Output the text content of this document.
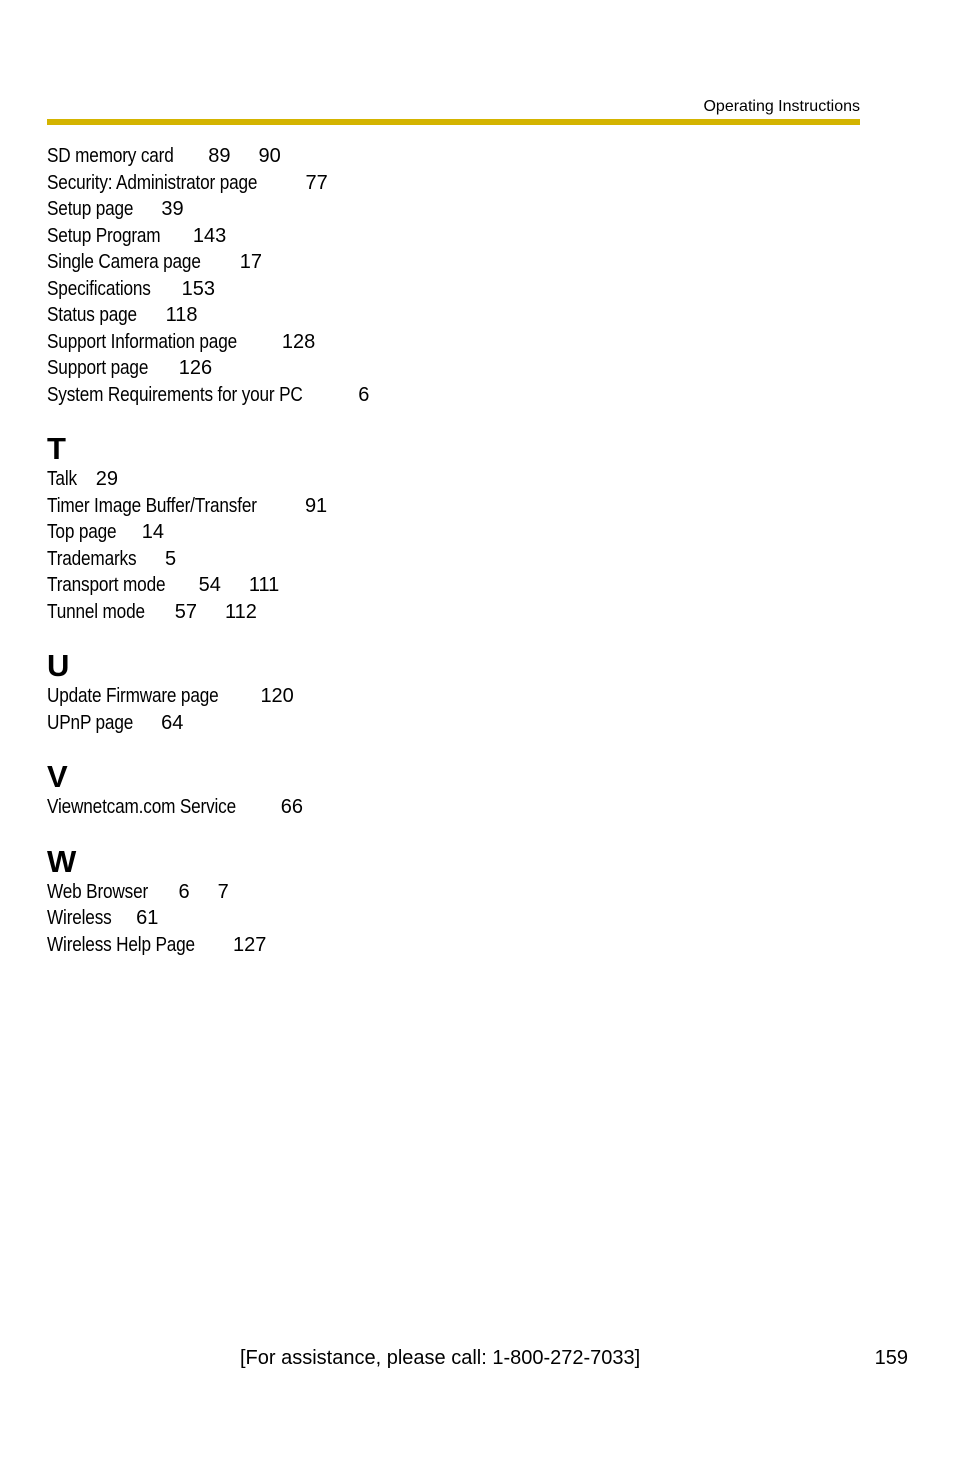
Operating Instructions
SD memory card 89 90
Security: Administrator page 77
Setup page 39
Setup Program 143
Single Camera page 17
Specifications 153
Status page 118
Support Information page 128
Support page 126
System Requirements for your PC	6
T
Talk 29
Timer Image Buffer/Transfer 91
Top page 14
Trademarks 5
Transport mode 54 111
Tunnel mode 57 112
U
Update Firmware page 120
UPnP page 64
V
Viewnetcam.com Service 66
W
Web Browser 6 7
Wireless 61
Wireless Help Page 127
[For assistance, please call: 1-800-272-7033]	159
